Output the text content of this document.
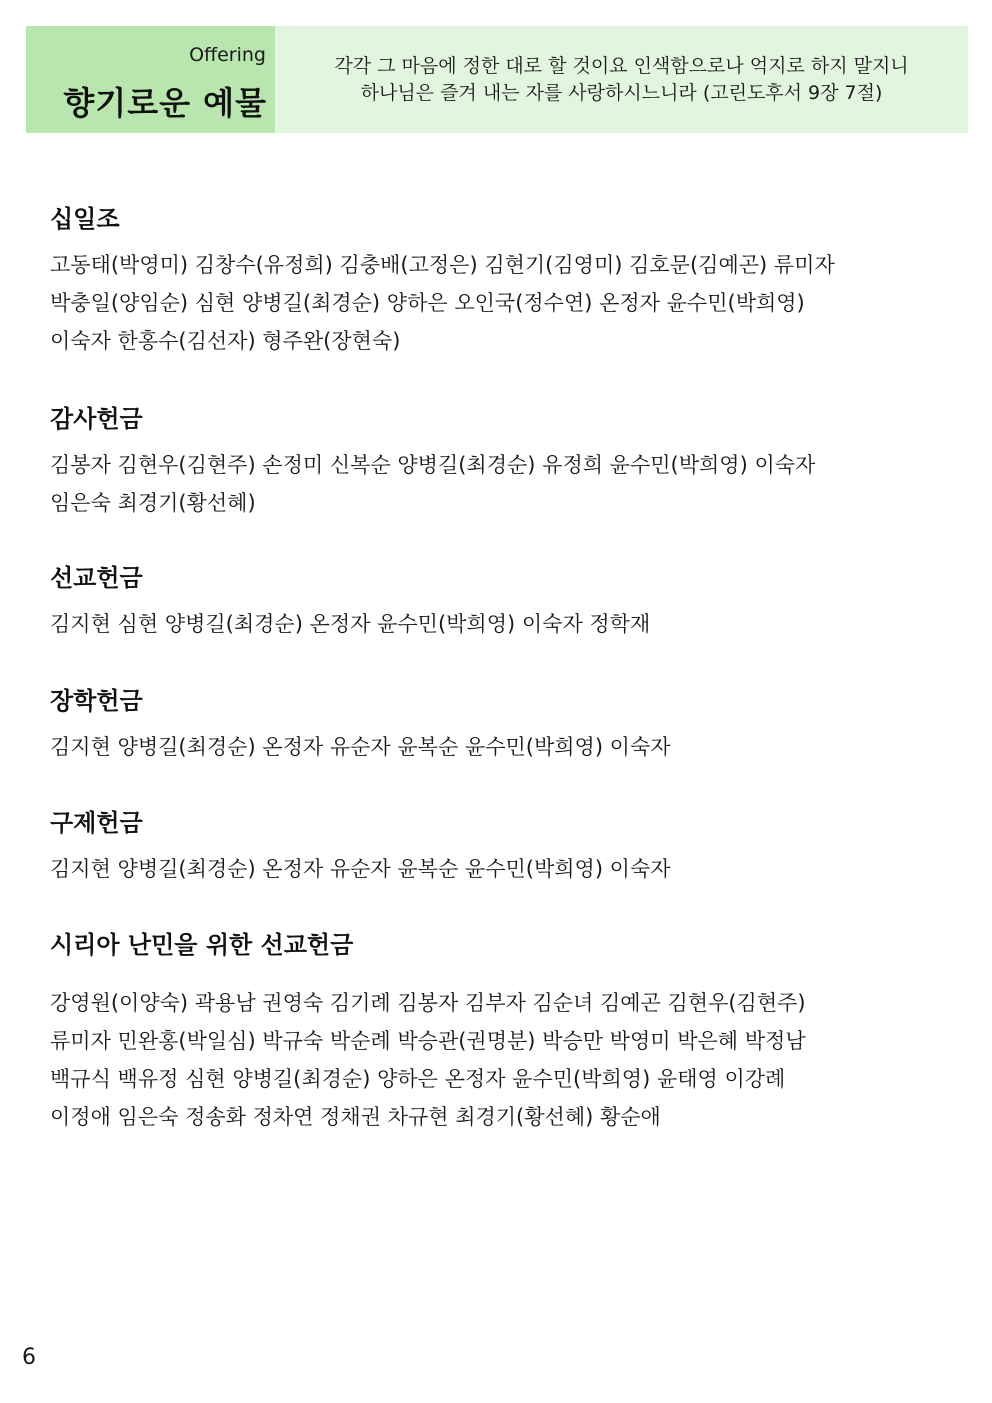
Offering
향기로운 예물
각각 그 마음에 정한 대로 할 것이요 인색함으로나 억지로 하지 말지니
하나님은 즐겨 내는 자를 사랑하시느니라 (고린도후서 9장 7절)
십일조
고동태(박영미) 김창수(유정희) 김충배(고정은) 김현기(김영미) 김호문(김예곤) 류미자
박충일(양임순) 심현 양병길(최경순) 양하은 오인국(정수연) 온정자 윤수민(박희영)
이숙자 한홍수(김선자) 형주완(장현숙)
감사헌금
김봉자 김현우(김현주) 손정미 신복순 양병길(최경순) 유정희 윤수민(박희영) 이숙자
임은숙 최경기(황선혜)
선교헌금
김지현 심현 양병길(최경순) 온정자 윤수민(박희영) 이숙자 정학재
장학헌금
김지현 양병길(최경순) 온정자 유순자 윤복순 윤수민(박희영) 이숙자
구제헌금
김지현 양병길(최경순) 온정자 유순자 윤복순 윤수민(박희영) 이숙자
시리아 난민을 위한 선교헌금
강영원(이양숙) 곽용남 권영숙 김기례 김봉자 김부자 김순녀 김예곤 김현우(김현주)
류미자 민완홍(박일심) 박규숙 박순례 박승관(권명분) 박승만 박영미 박은혜 박정남
백규식 백유정 심현 양병길(최경순) 양하은 온정자 윤수민(박희영) 윤태영 이강례
이정애 임은숙 정송화 정차연 정채권 차규현 최경기(황선혜) 황순애
6
